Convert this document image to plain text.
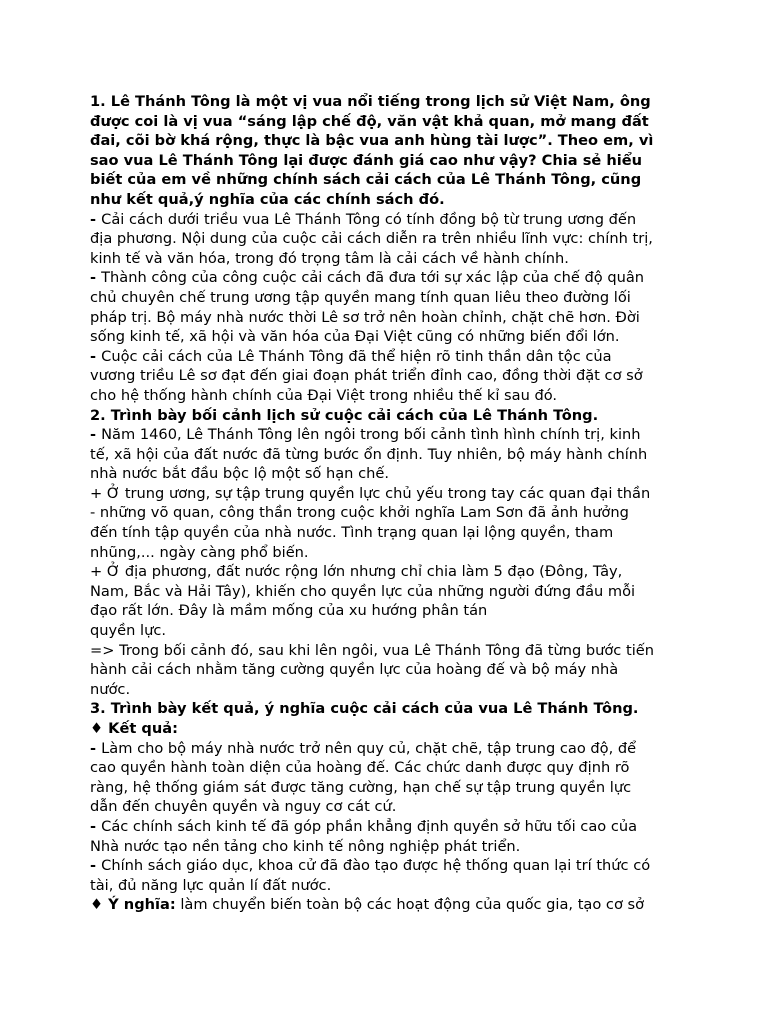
1. Lê Thánh Tông là một vị vua nổi tiếng trong lịch sử Việt Nam, ông
được coi là vị vua “sáng lập chế độ, văn vật khả quan, mở mang đất
đai, cõi bờ khá rộng, thực là bậc vua anh hùng tài lược”. Theo em, vì
sao vua Lê Thánh Tông lại được đánh giá cao như vậy? Chia sẻ hiểu
biết của em về những chính sách cải cách của Lê Thánh Tông, cũng
như kết quả,ý nghĩa của các chính sách đó.
- Cải cách dưới triều vua Lê Thánh Tông có tính đồng bộ từ trung ương đến
địa phương. Nội dung của cuộc cải cách diễn ra trên nhiều lĩnh vực: chính trị,
kinh tế và văn hóa, trong đó trọng tâm là cải cách về hành chính.
- Thành công của công cuộc cải cách đã đưa tới sự xác lập của chế độ quân
chủ chuyên chế trung ương tập quyền mang tính quan liêu theo đường lối
pháp trị. Bộ máy nhà nước thời Lê sơ trở nên hoàn chỉnh, chặt chẽ hơn. Đời
sống kinh tế, xã hội và văn hóa của Đại Việt cũng có những biến đổi lớn.
- Cuộc cải cách của Lê Thánh Tông đã thể hiện rõ tinh thần dân tộc của
vương triều Lê sơ đạt đến giai đoạn phát triển đỉnh cao, đồng thời đặt cơ sở
cho hệ thống hành chính của Đại Việt trong nhiều thế kỉ sau đó.
2. Trình bày bối cảnh lịch sử cuộc cải cách của Lê Thánh Tông.
- Năm 1460, Lê Thánh Tông lên ngôi trong bối cảnh tình hình chính trị, kinh
tế, xã hội của đất nước đã từng bước ổn định. Tuy nhiên, bộ máy hành chính
nhà nước bắt đầu bộc lộ một số hạn chế.
+ Ở trung ương, sự tập trung quyền lực chủ yếu trong tay các quan đại thần
- những võ quan, công thần trong cuộc khởi nghĩa Lam Sơn đã ảnh hưởng
đến tính tập quyền của nhà nước. Tình trạng quan lại lộng quyền, tham
nhũng,... ngày càng phổ biến.
+ Ở địa phương, đất nước rộng lớn nhưng chỉ chia làm 5 đạo (Đông, Tây,
Nam, Bắc và Hải Tây), khiến cho quyền lực của những người đứng đầu mỗi
đạo rất lớn. Đây là mầm mống của xu hướng phân tán
quyền lực.
=> Trong bối cảnh đó, sau khi lên ngôi, vua Lê Thánh Tông đã từng bước tiến
hành cải cách nhằm tăng cường quyền lực của hoàng đế và bộ máy nhà
nước.
3. Trình bày kết quả, ý nghĩa cuộc cải cách của vua Lê Thánh Tông.
♦ Kết quả:
- Làm cho bộ máy nhà nước trở nên quy củ, chặt chẽ, tập trung cao độ, để
cao quyền hành toàn diện của hoàng đế. Các chức danh được quy định rõ
ràng, hệ thống giám sát được tăng cường, hạn chế sự tập trung quyền lực
dẫn đến chuyên quyền và nguy cơ cát cứ.
- Các chính sách kinh tế đã góp phần khẳng định quyền sở hữu tối cao của
Nhà nước tạo nền tảng cho kinh tế nông nghiệp phát triển.
- Chính sách giáo dục, khoa cử đã đào tạo được hệ thống quan lại trí thức có
tài, đủ năng lực quản lí đất nước.
♦ Ý nghĩa: làm chuyển biến toàn bộ các hoạt động của quốc gia, tạo cơ sở
